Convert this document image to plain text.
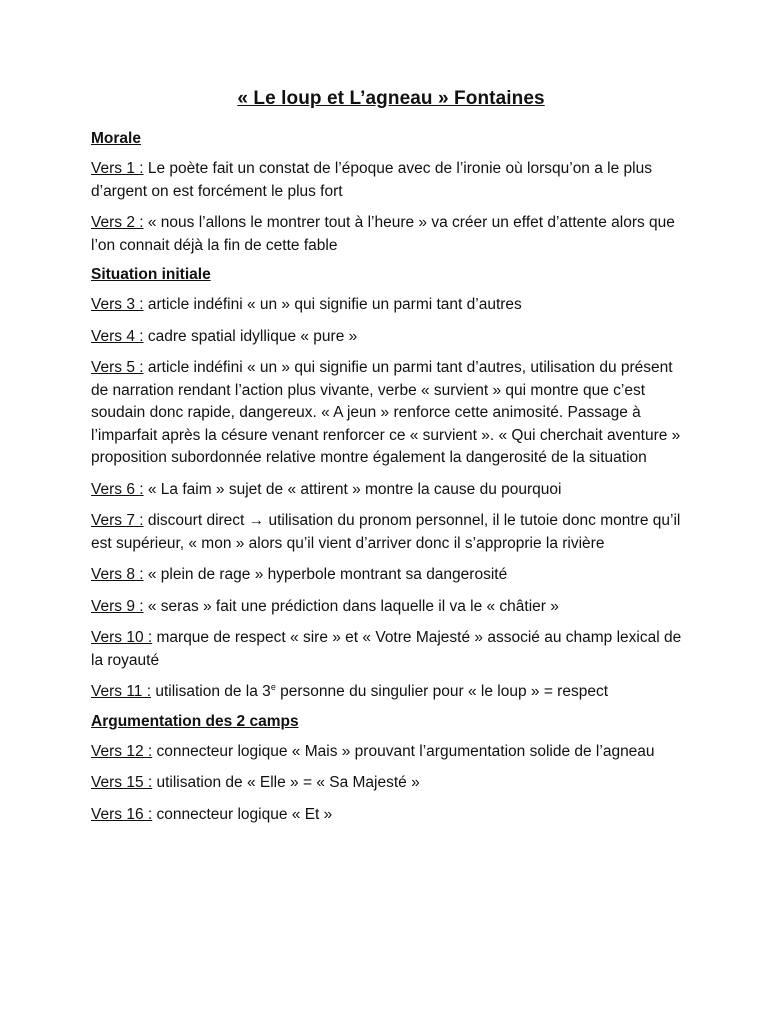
« Le loup et L’agneau » Fontaines
Morale

Vers 1 : Le poète fait un constat de l’époque avec de l’ironie où lorsqu’on a le plus d’argent on est forcément le plus fort

Vers 2 : « nous l’allons le montrer tout à l’heure » va créer un effet d’attente alors que l’on connait déjà la fin de cette fable

Situation initiale

Vers 3 : article indéfini « un » qui signifie un parmi tant d’autres

Vers 4 : cadre spatial idyllique « pure »

Vers 5 : article indéfini « un » qui signifie un parmi tant d’autres, utilisation du présent de narration rendant l’action plus vivante, verbe « survient » qui montre que c’est soudain donc rapide, dangereux. « A jeun » renforce cette animosité. Passage à l’imparfait après la césure venant renforcer ce « survient ». « Qui cherchait aventure » proposition subordonnée relative montre également la dangerosité de la situation

Vers 6 : « La faim » sujet de « attirent » montre la cause du pourquoi

Vers 7 : discourt direct → utilisation du pronom personnel, il le tutoie donc montre qu’il est supérieur, « mon » alors qu’il vient d’arriver donc il s’approprie la rivière

Vers 8 : « plein de rage » hyperbole montrant sa dangerosité

Vers 9 : « seras » fait une prédiction dans laquelle il va le « châtier »

Vers 10 : marque de respect « sire » et « Votre Majesté » associé au champ lexical de la royauté

Vers 11 : utilisation de la 3e personne du singulier pour « le loup » = respect

Argumentation des 2 camps

Vers 12 : connecteur logique « Mais » prouvant l’argumentation solide de l’agneau

Vers 15 : utilisation de « Elle » = « Sa Majesté »

Vers 16 : connecteur logique « Et »
